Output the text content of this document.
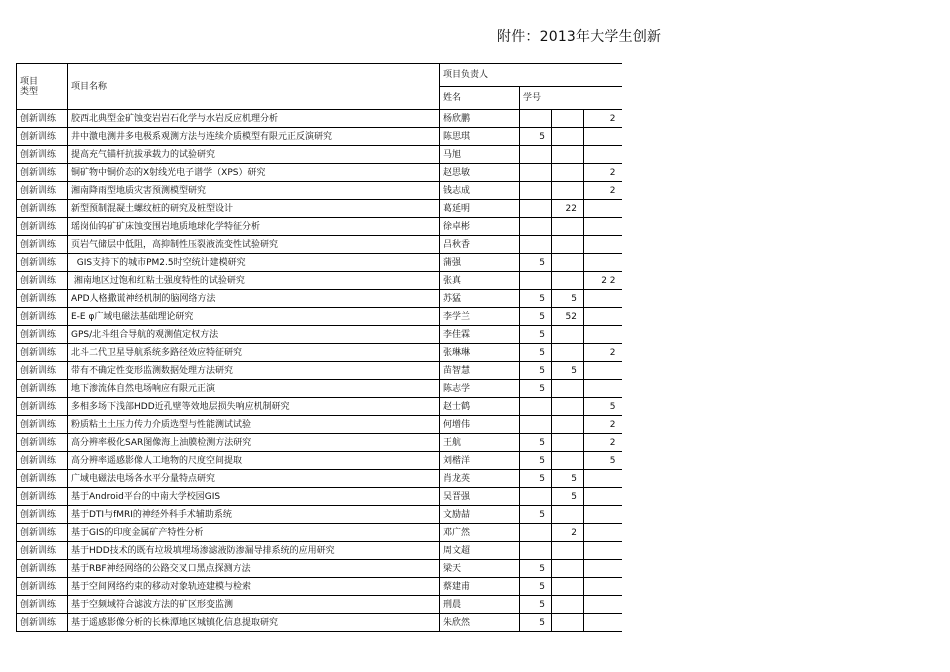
附件：2013年大学生创新
项目
类型	项目名称	项目负责人			
		姓名	学号		
创新训练	胶西北典型金矿蚀变岩岩石化学与水岩反应机理分析	杨欣鹏			2
创新训练	井中激电测井多电极系观测方法与连续介质模型有限元正反演研究	陈思琪	5		
创新训练	提高充气锚杆抗拔承载力的试验研究	马旭			
创新训练	铜矿物中铜价态的X射线光电子谱学（XPS）研究	赵思敏			2
创新训练	湘南降雨型地质灾害预测模型研究	钱志成			2
创新训练	新型预制混凝土螺纹桩的研究及桩型设计	葛延明		22	
创新训练	瑶岗仙钨矿矿床蚀变围岩地质地球化学特征分析	徐卓彬			
创新训练	页岩气储层中低阻，高抑制性压裂液流变性试验研究	吕秋香			
创新训练	GIS支持下的城市PM2.5时空统计建模研究	蒲强	5		
创新训练	湘南地区过饱和红粘土强度特性的试验研究	张真			2 2
创新训练	APD人格撒谎神经机制的脑网络方法	苏猛	5	5	
创新训练	E-E φ广域电磁法基础理论研究	李学兰	5	52	
创新训练	GPS/北斗组合导航的观测值定权方法	李佳霖	5		
创新训练	北斗二代卫星导航系统多路径效应特征研究	张琳琳	5		2
创新训练	带有不确定性变形监测数据处理方法研究	苗智慧	5	5	
创新训练	地下渗流体自然电场响应有限元正演	陈志学	5		
创新训练	多相多场下浅部HDD近孔壁等效地层损失响应机制研究	赵士鹤			5
创新训练	粉质粘土土压力传力介质选型与性能测试试验	何增伟			2
创新训练	高分辨率极化SAR图像海上油膜检测方法研究	王航	5		2
创新训练	高分辨率遥感影像人工地物的尺度空间提取	刘楷洋	5		5
创新训练	广域电磁法电场各水平分量特点研究	肖龙英	5	5	
创新训练	基于Android平台的中南大学校园GIS	吴晋强		5	
创新训练	基于DTI与fMRI的神经外科手术辅助系统	文励喆	5		
创新训练	基于GIS的印度金属矿产特性分析	邓广然		2	
创新训练	基于HDD技术的既有垃圾填埋场渗滤液防渗漏导排系统的应用研究	周文超			
创新训练	基于RBF神经网络的公路交叉口黑点探测方法	梁天	5		
创新训练	基于空间网络约束的移动对象轨迹建模与检索	蔡建甫	5		
创新训练	基于空频域符合滤波方法的矿区形变监测	刑晨	5		
创新训练	基于遥感影像分析的长株潭地区城镇化信息提取研究	朱欣然	5		
